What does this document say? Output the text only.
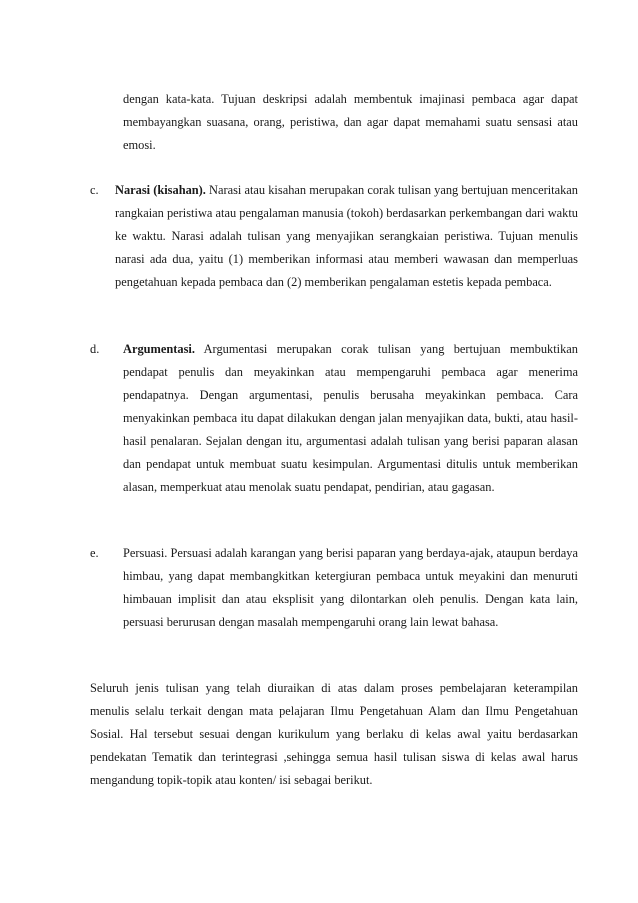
dengan kata-kata. Tujuan deskripsi adalah membentuk imajinasi pembaca agar dapat membayangkan suasana, orang, peristiwa, dan agar dapat memahami suatu sensasi atau emosi.

c. Narasi (kisahan). Narasi atau kisahan merupakan corak tulisan yang bertujuan menceritakan rangkaian peristiwa atau pengalaman manusia (tokoh) berdasarkan perkembangan dari waktu ke waktu. Narasi adalah tulisan yang menyajikan serangkaian peristiwa. Tujuan menulis narasi ada dua, yaitu (1) memberikan informasi atau memberi wawasan dan memperluas pengetahuan kepada pembaca dan (2) memberikan pengalaman estetis kepada pembaca.

d. Argumentasi. Argumentasi merupakan corak tulisan yang bertujuan membuktikan pendapat penulis dan meyakinkan atau mempengaruhi pembaca agar menerima pendapatnya. Dengan argumentasi, penulis berusaha meyakinkan pembaca. Cara menyakinkan pembaca itu dapat dilakukan dengan jalan menyajikan data, bukti, atau hasil-hasil penalaran. Sejalan dengan itu, argumentasi adalah tulisan yang berisi paparan alasan dan pendapat untuk membuat suatu kesimpulan. Argumentasi ditulis untuk memberikan alasan, memperkuat atau menolak suatu pendapat, pendirian, atau gagasan.

e. Persuasi. Persuasi adalah karangan yang berisi paparan yang berdaya-ajak, ataupun berdaya himbau, yang dapat membangkitkan ketergiuran pembaca untuk meyakini dan menuruti himbauan implisit dan atau eksplisit yang dilontarkan oleh penulis. Dengan kata lain, persuasi berurusan dengan masalah mempengaruhi orang lain lewat bahasa.

Seluruh jenis tulisan yang telah diuraikan di atas dalam proses pembelajaran keterampilan menulis selalu terkait dengan mata pelajaran Ilmu Pengetahuan Alam dan Ilmu Pengetahuan Sosial. Hal tersebut sesuai dengan kurikulum yang berlaku di kelas awal yaitu berdasarkan pendekatan Tematik dan terintegrasi ,sehingga semua hasil tulisan siswa di kelas awal harus mengandung topik-topik atau konten/ isi sebagai berikut.
